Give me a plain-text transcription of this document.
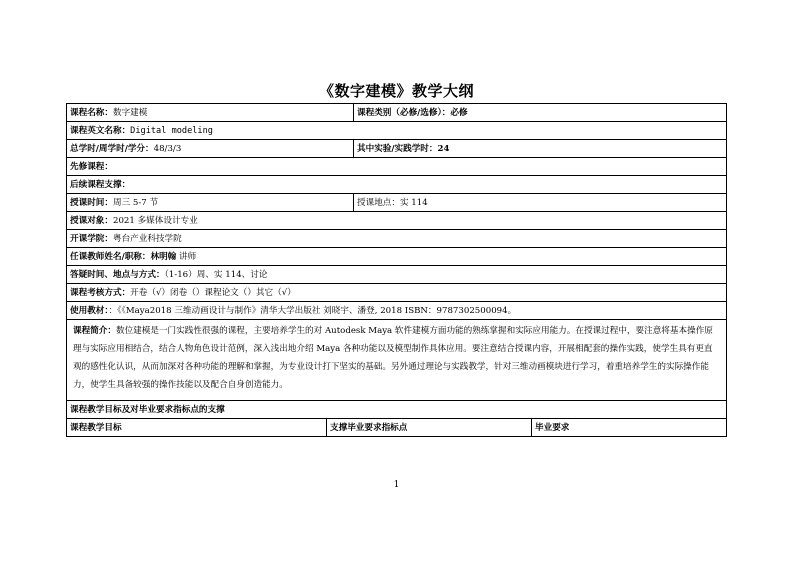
《数字建模》教学大纲
课程名称：数字建模		课程类别（必修/选修）：必修	
课程英文名称：Digital modeling			
总学时/周学时/学分：48/3/3		其中实验/实践学时：24	
先修课程：			
后续课程支撑：			
授课时间：周三 5-7 节		授课地点：实 114	
授课对象：2021 多媒体设计专业			
开课学院：粤台产业科技学院			
任课教师姓名/职称：林明翰 讲师			
答疑时间、地点与方式：（1-16）周、实 114、讨论			
课程考核方式：开卷（√）闭卷（）课程论文（）其它（√）			
使用教材：：《《Maya2018 三维动画设计与制作》清华大学出版社 刘晓宇、潘登, 2018 ISBN：9787302500094。			

课程简介：数位建模是一门实践性很强的课程，主要培养学生的对 Autodesk Maya 软件建模方面功能的熟练掌握和实际应用能力。在授课过程中，要注意将基本操作原理与实际应用相结合，结合人物角色设计范例，深入浅出地介绍 Maya 各种功能以及模型制作具体应用。要注意结合授课内容，开展相配套的操作实践，使学生具有更直观的感性化认识，从而加深对各种功能的理解和掌握，为专业设计打下坚实的基础。另外通过理论与实践教学，针对三维动画模块进行学习，着重培养学生的实际操作能力，使学生具备较强的操作技能以及配合自身创造能力。			

课程教学目标及对毕业要求指标点的支撑			
课程教学目标	支撑毕业要求指标点		毕业要求
1
